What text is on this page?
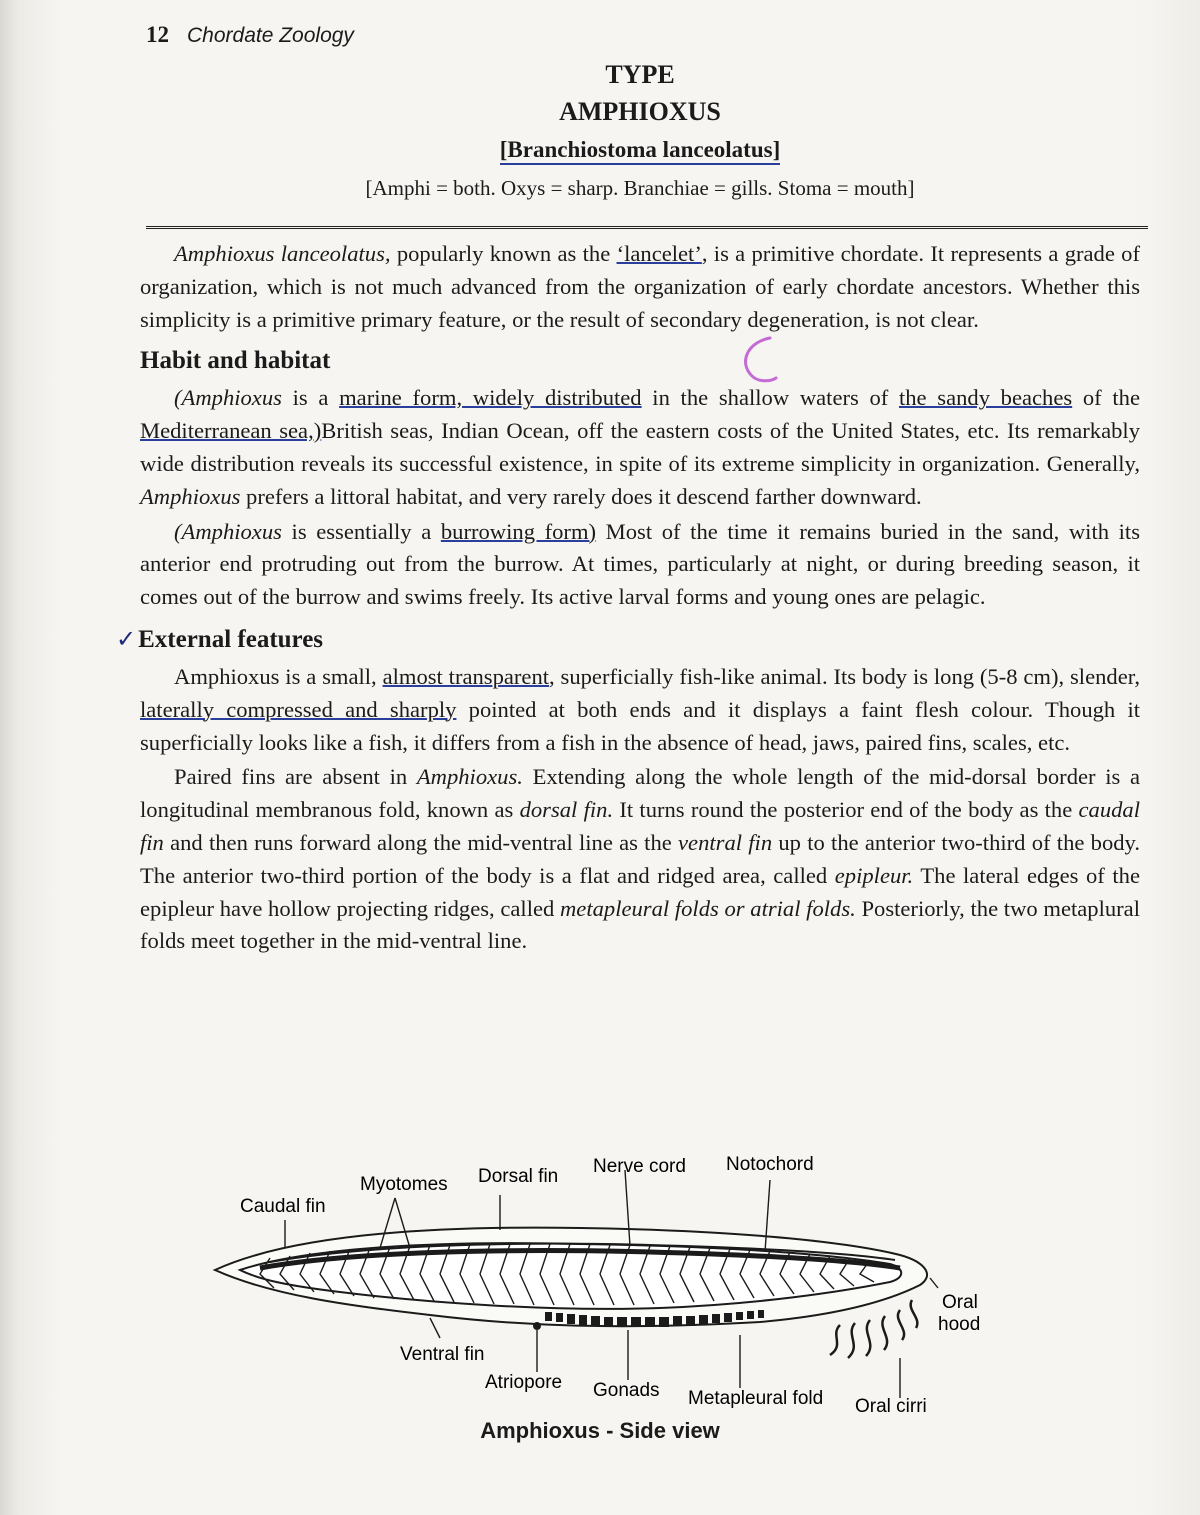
12 Chordate Zoology
TYPE
AMPHIOXUS
[Branchiostoma lanceolatus]
[Amphi = both. Oxys = sharp. Branchiae = gills. Stoma = mouth]

Amphioxus lanceolatus, popularly known as the ‘lancelet’, is a primitive chordate. It represents a grade of organization, which is not much advanced from the organization of early chordate ancestors. Whether this simplicity is a primitive primary feature, or the result of secondary degeneration, is not clear.

Habit and habitat

(Amphioxus is a marine form, widely distributed in the shallow waters of the sandy beaches of the Mediterranean sea,)British seas, Indian Ocean, off the eastern costs of the United States, etc. Its remarkably wide distribution reveals its successful existence, in spite of its extreme simplicity in organization. Generally, Amphioxus prefers a littoral habitat, and very rarely does it descend farther downward.

(Amphioxus is essentially a burrowing form) Most of the time it remains buried in the sand, with its anterior end protruding out from the burrow. At times, particularly at night, or during breeding season, it comes out of the burrow and swims freely. Its active larval forms and young ones are pelagic.

✓External features

Amphioxus is a small, almost transparent, superficially fish-like animal. Its body is long (5-8 cm), slender, laterally compressed and sharply pointed at both ends and it displays a faint flesh colour. Though it superficially looks like a fish, it differs from a fish in the absence of head, jaws, paired fins, scales, etc.

Paired fins are absent in Amphioxus. Extending along the whole length of the mid-dorsal border is a longitudinal membranous fold, known as dorsal fin. It turns round the posterior end of the body as the caudal fin and then runs forward along the mid-ventral line as the ventral fin up to the anterior two-third of the body. The anterior two-third portion of the body is a flat and ridged area, called epipleur. The lateral edges of the epipleur have hollow projecting ridges, called metapleural folds or atrial folds. Posteriorly, the two metaplural folds meet together in the mid-ventral line.

Caudal fin
Myotomes Dorsal fin Nerve cord Notochord
Oral
hood
Ventral fin
Atriopore Gonads Metapleural fold Oral cirri
Amphioxus - Side view
